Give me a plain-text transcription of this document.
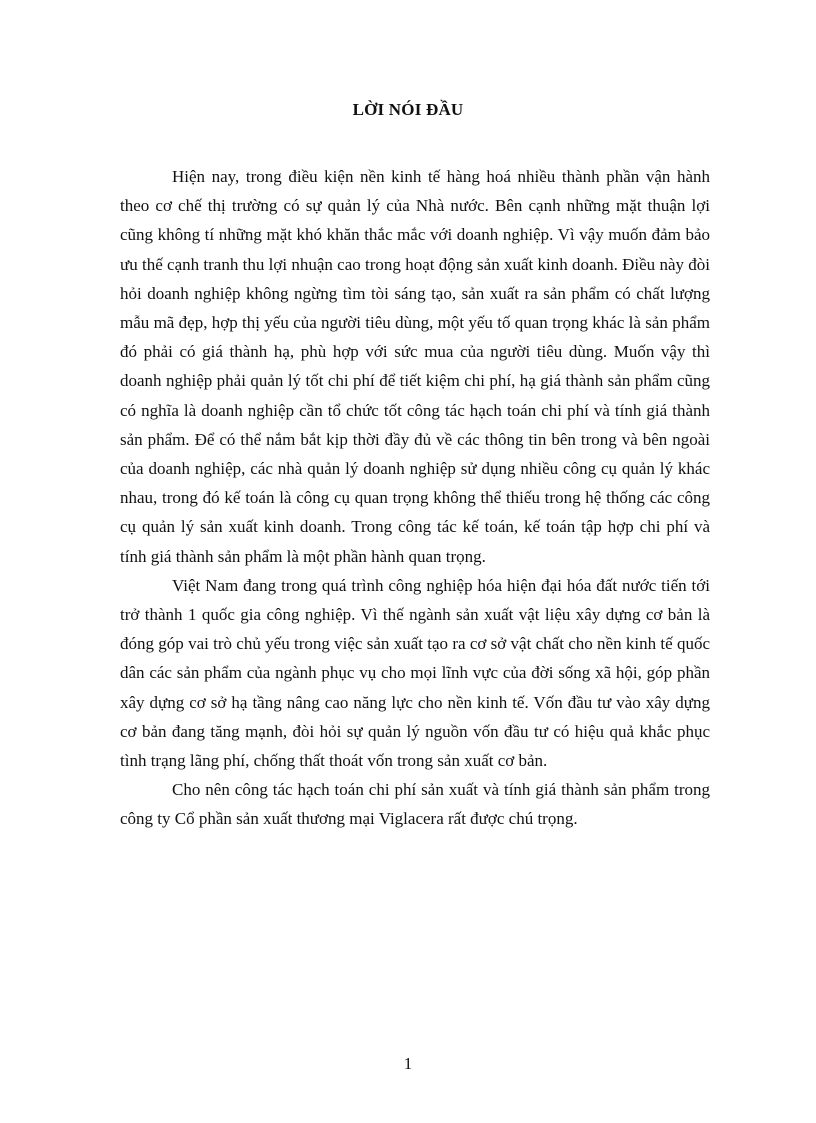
LỜI NÓI ĐẦU

Hiện nay, trong điều kiện nền kinh tế hàng hoá nhiều thành phần vận hành theo cơ chế thị trường có sự quản lý của Nhà nước. Bên cạnh những mặt thuận lợi cũng không tí những mặt khó khăn thắc mắc với doanh nghiệp. Vì vậy muốn đảm bảo ưu thế cạnh tranh thu lợi nhuận cao trong hoạt động sản xuất kinh doanh. Điều này đòi hỏi doanh nghiệp không ngừng tìm tòi sáng tạo, sản xuất ra sản phẩm có chất lượng mẫu mã đẹp, hợp thị yếu của người tiêu dùng, một yếu tố quan trọng khác là sản phẩm đó phải có giá thành hạ, phù hợp với sức mua của người tiêu dùng. Muốn vậy thì doanh nghiệp phải quản lý tốt chi phí để tiết kiệm chi phí, hạ giá thành sản phẩm cũng có nghĩa là doanh nghiệp cần tổ chức tốt công tác hạch toán chi phí và tính giá thành sản phẩm. Để có thể nắm bắt kịp thời đầy đủ về các thông tin bên trong và bên ngoài của doanh nghiệp, các nhà quản lý doanh nghiệp sử dụng nhiều công cụ quản lý khác nhau, trong đó kế toán là công cụ quan trọng không thể thiếu trong hệ thống các công cụ quản lý sản xuất kinh doanh. Trong công tác kế toán, kế toán tập hợp chi phí và tính giá thành sản phẩm là một phần hành quan trọng.

Việt Nam đang trong quá trình công nghiệp hóa hiện đại hóa đất nước tiến tới trở thành 1 quốc gia công nghiệp. Vì thế ngành sản xuất vật liệu xây dựng cơ bản là đóng góp vai trò chủ yếu trong việc sản xuất tạo ra cơ sở vật chất cho nền kinh tế quốc dân các sản phẩm của ngành phục vụ cho mọi lĩnh vực của đời sống xã hội, góp phần xây dựng cơ sở hạ tầng nâng cao năng lực cho nền kinh tế. Vốn đầu tư vào xây dựng cơ bản đang tăng mạnh, đòi hỏi sự quản lý nguồn vốn đầu tư có hiệu quả khắc phục tình trạng lãng phí, chống thất thoát vốn trong sản xuất cơ bản.

Cho nên công tác hạch toán chi phí sản xuất và tính giá thành sản phẩm trong công ty Cổ phần sản xuất thương mại Viglacera rất được chú trọng.

1
